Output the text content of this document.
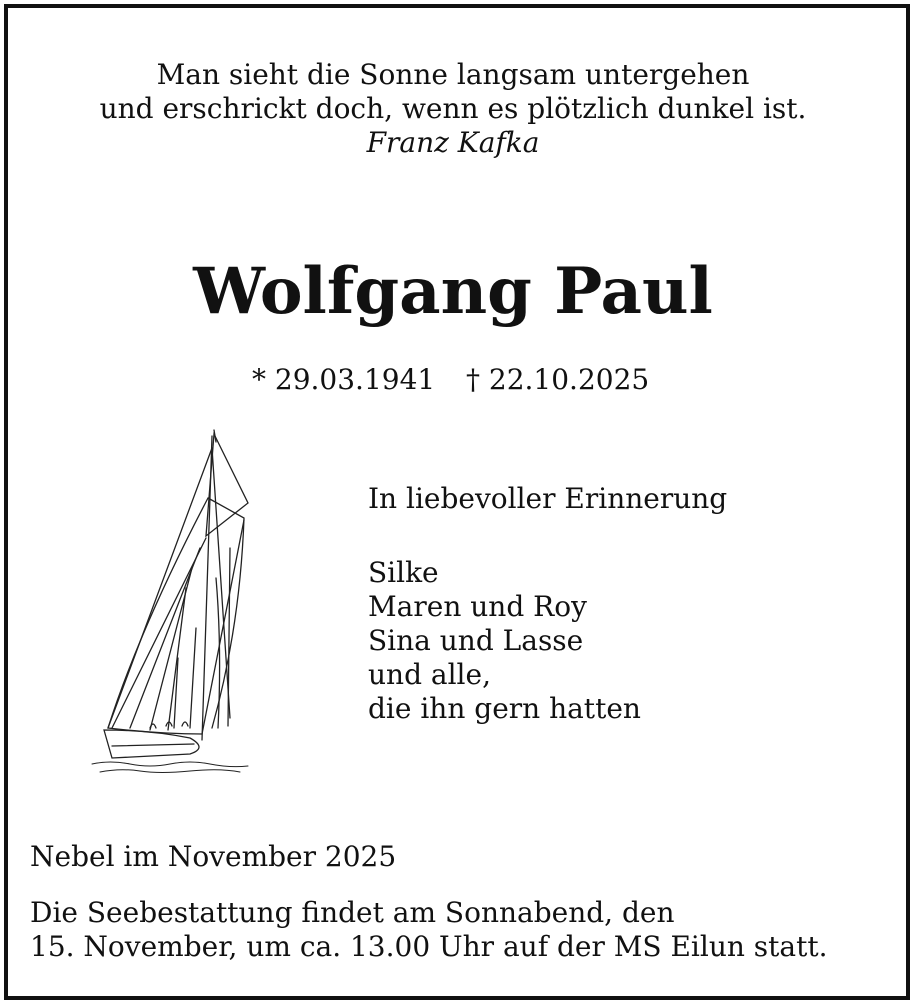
Man sieht die Sonne langsam untergehen
und erschrickt doch, wenn es plötzlich dunkel ist.
Franz Kafka
Wolfgang Paul
* 29.03.1941 † 22.10.2025
In liebevoller Erinnerung
Silke
Maren und Roy
Sina und Lasse
und alle,
die ihn gern hatten
Nebel im November 2025
Die Seebestattung findet am Sonnabend, den
15. November, um ca. 13.00 Uhr auf der MS Eilun statt.
